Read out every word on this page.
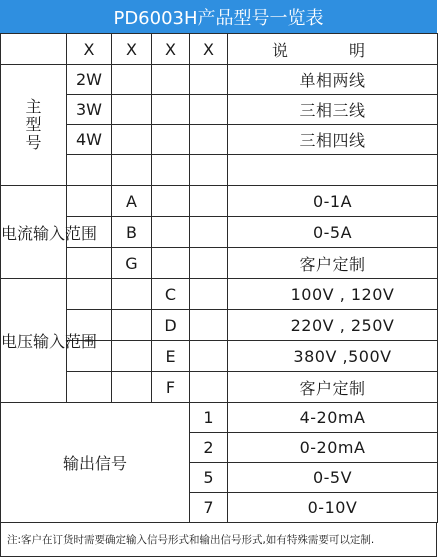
PD6003H产品型号一览表
	X	X	X	X	说 明

主
型
号	2W				单相两线
	3W				三相三线
	4W				三相四线

电流输入范围		A			0-1A
		B			0-5A
		G			客户定制
电压输入范围			C		100V , 120V
			D		220V , 250V
			E		380V ,500V
			F		客户定制
输出信号				1	4-20mA
				2	0-20mA
				5	0-5V
				7	0-10V
注:客户在订货时需要确定输入信号形式和输出信号形式,如有特殊需要可以定制.
